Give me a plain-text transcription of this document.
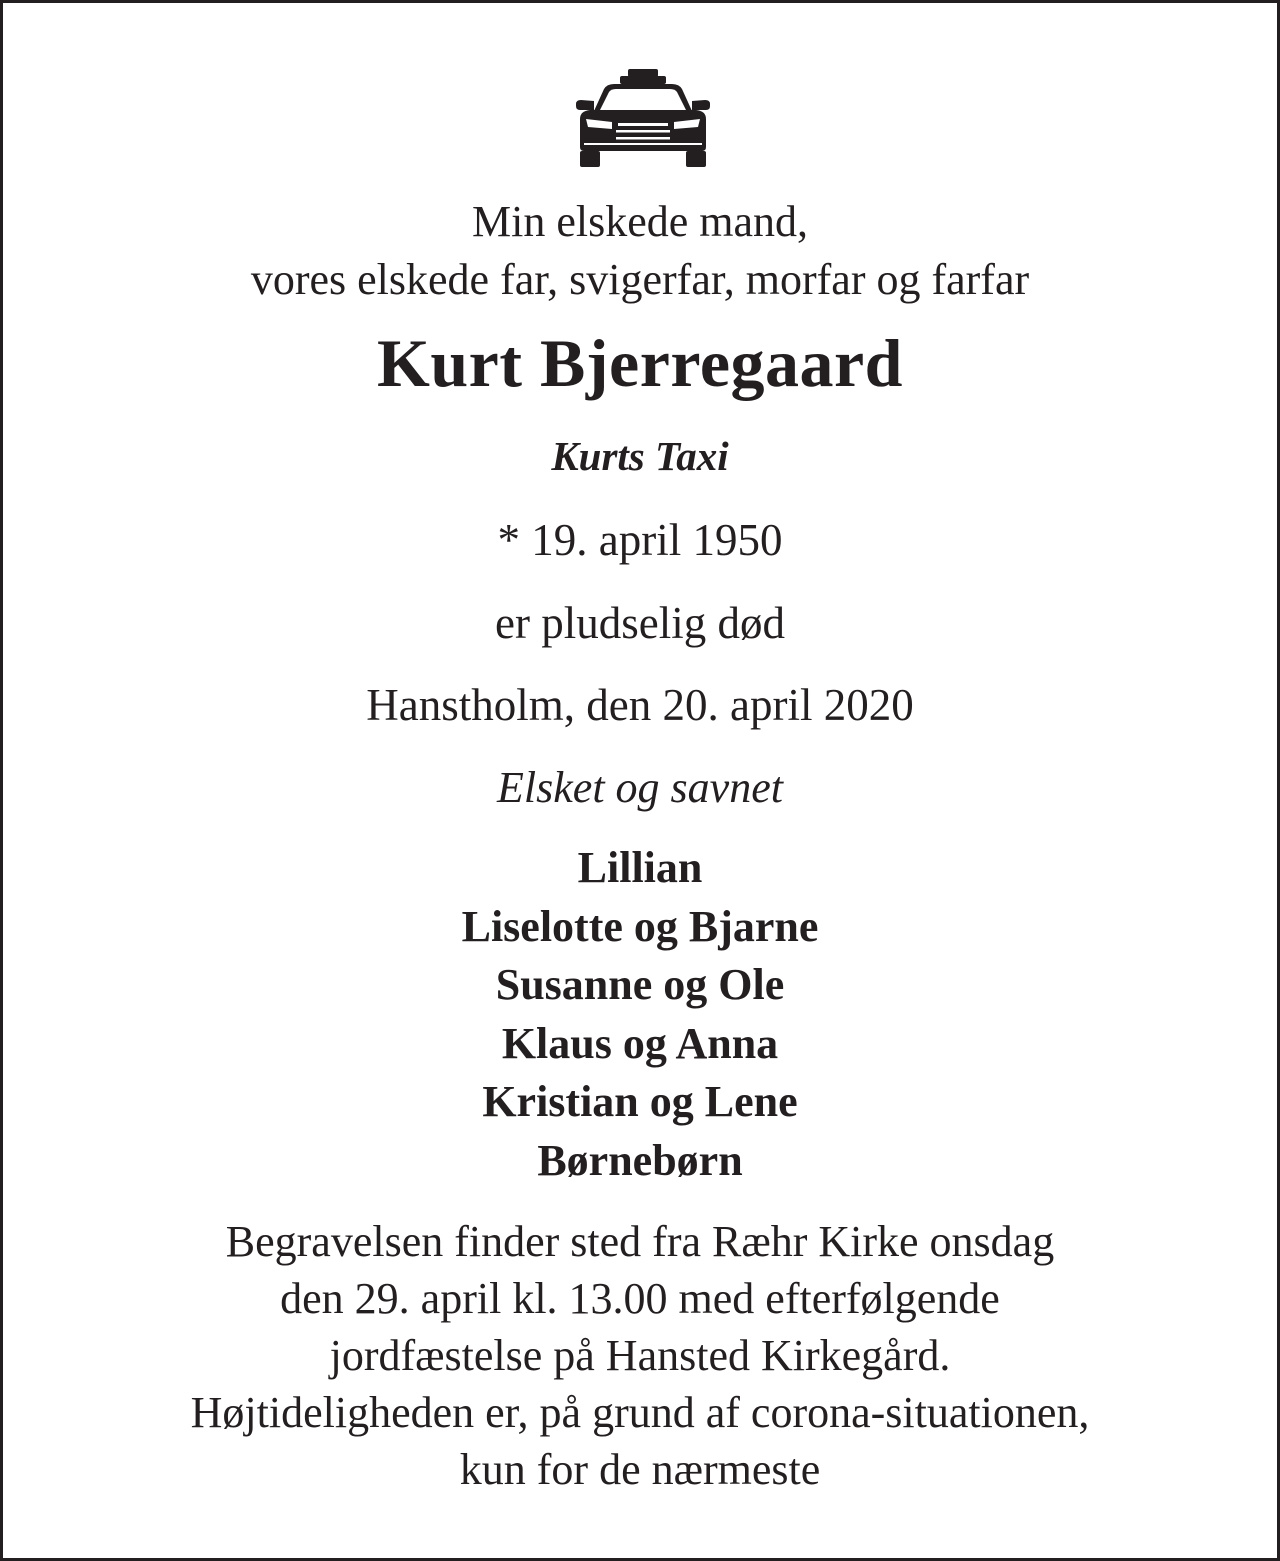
Min elskede mand,
vores elskede far, svigerfar, morfar og farfar
Kurt Bjerregaard
Kurts Taxi
* 19. april 1950
er pludselig død
Hanstholm, den 20. april 2020
Elsket og savnet
Lillian
Liselotte og Bjarne
Susanne og Ole
Klaus og Anna
Kristian og Lene
Børnebørn
Begravelsen finder sted fra Ræhr Kirke onsdag
den 29. april kl. 13.00 med efterfølgende
jordfæstelse på Hansted Kirkegård.
Højtideligheden er, på grund af corona-situationen,
kun for de nærmeste
